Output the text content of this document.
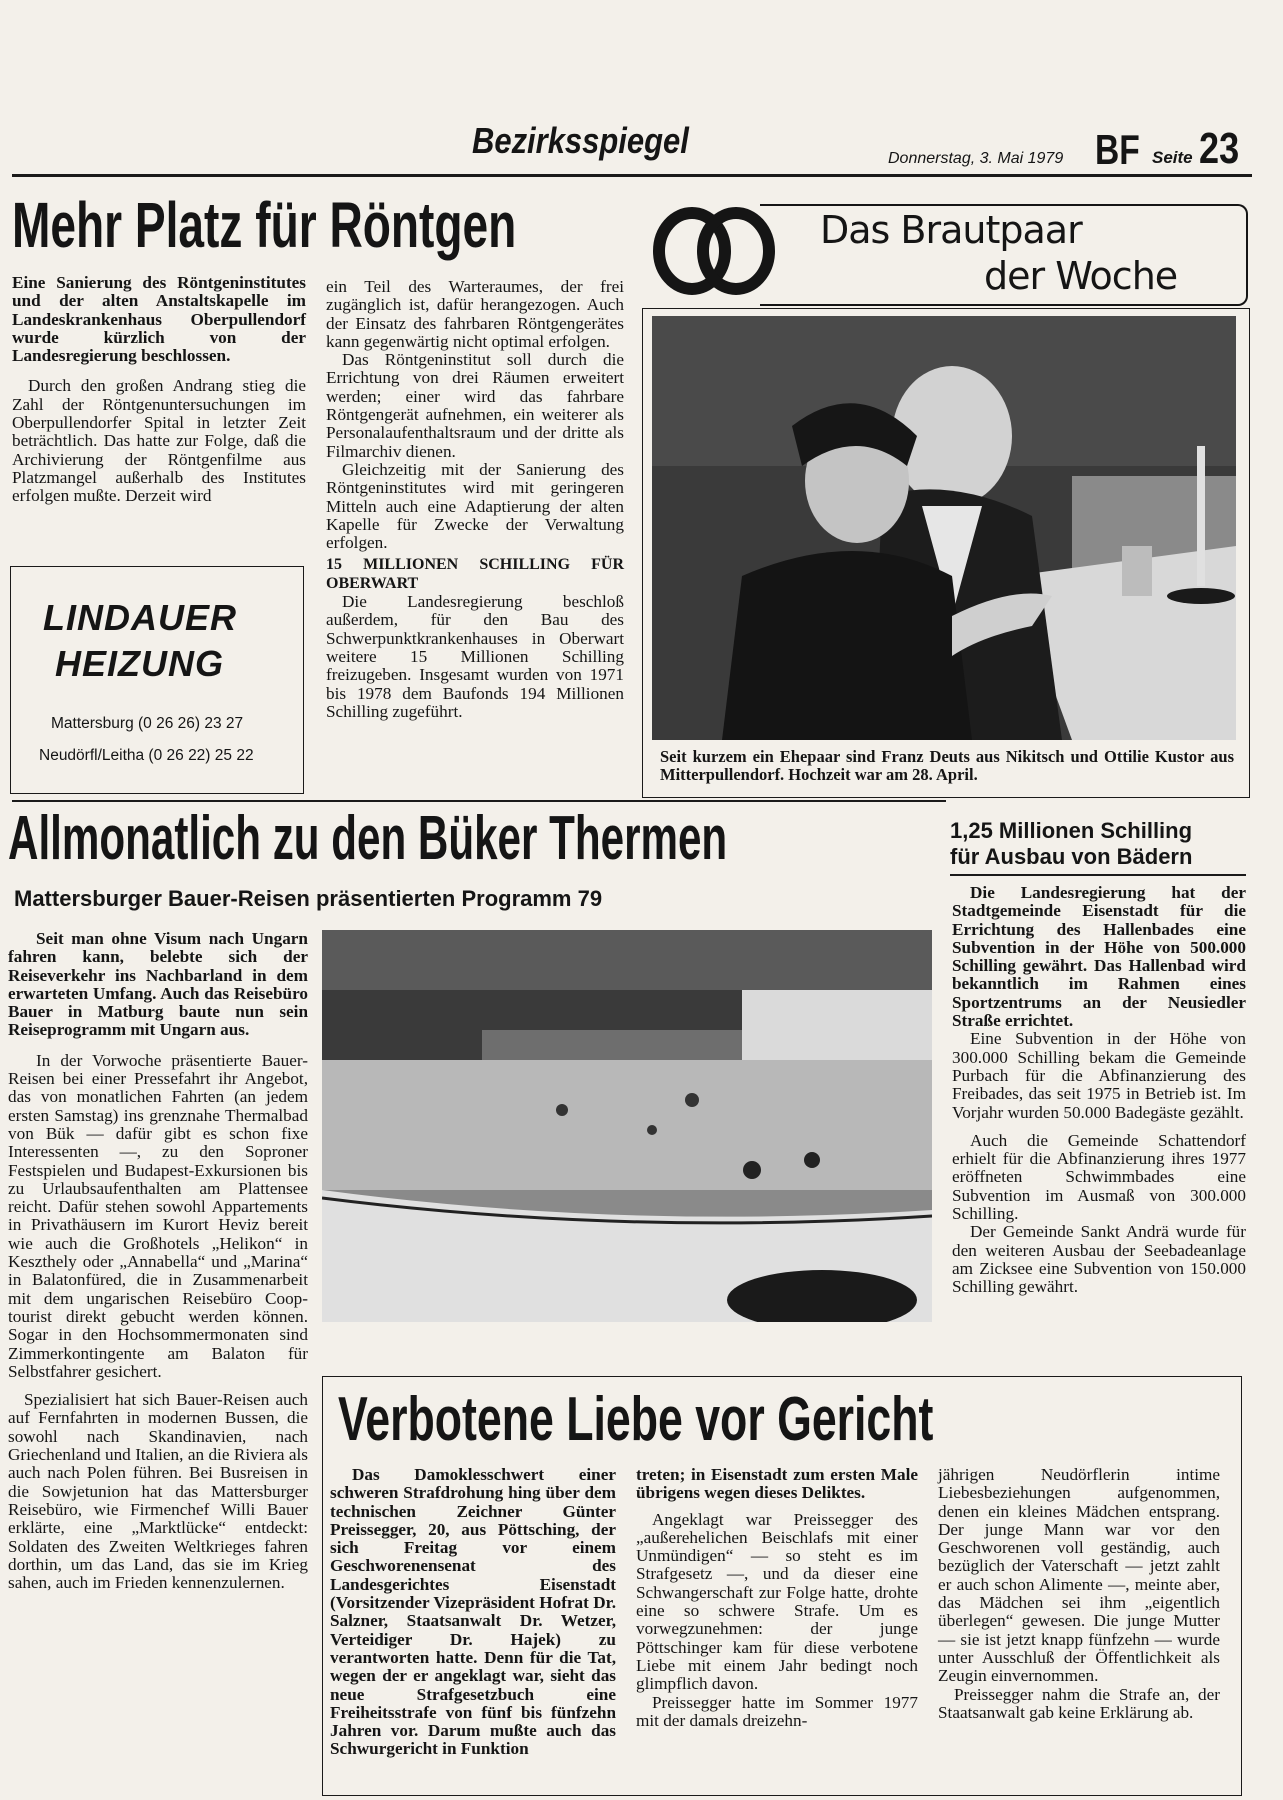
Bezirksspiegel	Donnerstag, 3. Mai 1979 BF Seite 23
Mehr Platz für Röntgen

Eine Sanierung des Röntgeninstitutes und der alten Anstaltskapelle im Landeskrankenhaus Oberpullendorf wurde kürzlich von der Landesregierung beschlossen.

Durch den großen Andrang stieg die Zahl der Röntgenuntersuchungen im Oberpullendorfer Spital in letzter Zeit beträchtlich. Das hatte zur Folge, daß die Archivierung der Röntgenfilme aus Platzmangel außerhalb des Institutes erfolgen mußte. Derzeit wird

ein Teil des Warteraumes, der frei zugänglich ist, dafür herangezogen. Auch der Einsatz des fahrbaren Röntgengerätes kann gegenwärtig nicht optimal erfolgen.

Das Röntgeninstitut soll durch die Errichtung von drei Räumen erweitert werden; einer wird das fahrbare Röntgengerät aufnehmen, ein weiterer als Personalaufenthaltsraum und der dritte als Filmarchiv dienen.

Gleichzeitig mit der Sanierung des Röntgeninstitutes wird mit geringeren Mitteln auch eine Adaptierung der alten Kapelle für Zwecke der Verwaltung erfolgen.

15 MILLIONEN SCHILLING FÜR OBERWART

Die Landesregierung beschloß außerdem, für den Bau des Schwerpunktkrankenhauses in Oberwart weitere 15 Millionen Schilling freizugeben. Insgesamt wurden von 1971 bis 1978 dem Baufonds 194 Millionen Schilling zugeführt.

LINDAUER
HEIZUNG
Mattersburg (0 26 26) 23 27
Neudörfl/Leitha (0 26 22) 25 22
Das Brautpaar
der Woche

Seit kurzem ein Ehepaar sind Franz Deuts aus Nikitsch und Ottilie Kustor aus Mitterpullendorf. Hochzeit war am 28. April.

Allmonatlich zu den Büker Thermen
Mattersburger Bauer-Reisen präsentierten Programm 79

Seit man ohne Visum nach Ungarn fahren kann, belebte sich der Reiseverkehr ins Nachbarland in dem erwarteten Umfang. Auch das Reisebüro Bauer in Matburg baute nun sein Reiseprogramm mit Ungarn aus.

In der Vorwoche präsentierte Bauer-Reisen bei einer Pressefahrt ihr Angebot, das von monatlichen Fahrten (an jedem ersten Samstag) ins grenznahe Thermalbad von Bük — dafür gibt es schon fixe Interessenten —, zu den Soproner Festspielen und Budapest-Exkursionen bis zu Urlaubsaufenthalten am Plattensee reicht. Dafür stehen sowohl Appartements in Privathäusern im Kurort Heviz bereit wie auch die Großhotels „Helikon“ in Keszthely oder „Annabella“ und „Marina“ in Balatonfüred, die in Zusammenarbeit mit dem ungarischen Reisebüro Coop-tourist direkt gebucht werden können. Sogar in den Hochsommermonaten sind Zimmerkontingente am Balaton für Selbstfahrer gesichert.

Spezialisiert hat sich Bauer-Reisen auch auf Fernfahrten in modernen Bussen, die sowohl nach Skandinavien, nach Griechenland und Italien, an die Riviera als auch nach Polen führen. Bei Busreisen in die Sowjetunion hat das Mattersburger Reisebüro, wie Firmenchef Willi Bauer erklärte, eine „Marktlücke“ entdeckt: Soldaten des Zweiten Weltkrieges fahren dorthin, um das Land, das sie im Krieg sahen, auch im Frieden kennenzulernen.

1,25 Millionen Schilling
für Ausbau von Bädern

Die Landesregierung hat der Stadtgemeinde Eisenstadt für die Errichtung des Hallenbades eine Subvention in der Höhe von 500.000 Schilling gewährt. Das Hallenbad wird bekanntlich im Rahmen eines Sportzentrums an der Neusiedler Straße errichtet.

Eine Subvention in der Höhe von 300.000 Schilling bekam die Gemeinde Purbach für die Abfinanzierung des Freibades, das seit 1975 in Betrieb ist. Im Vorjahr wurden 50.000 Badegäste gezählt.

Auch die Gemeinde Schattendorf erhielt für die Abfinanzierung ihres 1977 eröffneten Schwimmbades eine Subvention im Ausmaß von 300.000 Schilling.

Der Gemeinde Sankt Andrä wurde für den weiteren Ausbau der Seebadeanlage am Zicksee eine Subvention von 150.000 Schilling gewährt.

Verbotene Liebe vor Gericht

Das Damoklesschwert einer schweren Strafdrohung hing über dem technischen Zeichner Günter Preissegger, 20, aus Pöttsching, der sich Freitag vor einem Geschworenensenat des Landesgerichtes Eisenstadt (Vorsitzender Vizepräsident Hofrat Dr. Salzner, Staatsanwalt Dr. Wetzer, Verteidiger Dr. Hajek) zu verantworten hatte. Denn für die Tat, wegen der er angeklagt war, sieht das neue Strafgesetzbuch eine Freiheitsstrafe von fünf bis fünfzehn Jahren vor. Darum mußte auch das Schwurgericht in Funktion

treten; in Eisenstadt zum ersten Male übrigens wegen dieses Deliktes.

Angeklagt war Preissegger des „außerehelichen Beischlafs mit einer Unmündigen“ — so steht es im Strafgesetz —, und da dieser eine Schwangerschaft zur Folge hatte, drohte eine so schwere Strafe. Um es vorwegzunehmen: der junge Pöttschinger kam für diese verbotene Liebe mit einem Jahr bedingt noch glimpflich davon.

Preissegger hatte im Sommer 1977 mit der damals dreizehn-

jährigen Neudörflerin intime Liebesbeziehungen aufgenommen, denen ein kleines Mädchen entsprang. Der junge Mann war vor den Geschworenen voll geständig, auch bezüglich der Vaterschaft — jetzt zahlt er auch schon Alimente —, meinte aber, das Mädchen sei ihm „eigentlich überlegen“ gewesen. Die junge Mutter — sie ist jetzt knapp fünfzehn — wurde unter Ausschluß der Öffentlichkeit als Zeugin einvernommen.

Preissegger nahm die Strafe an, der Staatsanwalt gab keine Erklärung ab.
